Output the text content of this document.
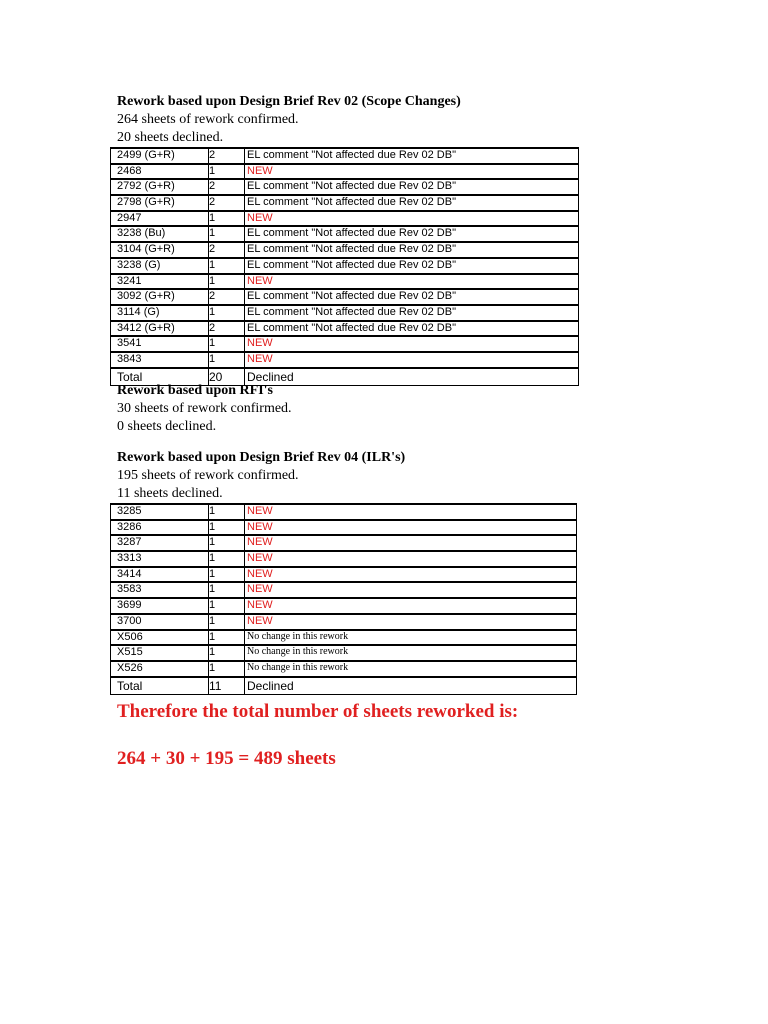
Rework based upon Design Brief Rev 02 (Scope Changes)
264 sheets of rework confirmed.
20 sheets declined.
2499 (G+R)	2	EL comment "Not affected due Rev 02 DB"
2468	1	NEW
2792 (G+R)	2	EL comment "Not affected due Rev 02 DB"
2798 (G+R)	2	EL comment "Not affected due Rev 02 DB"
2947	1	NEW
3238 (Bu)	1	EL comment "Not affected due Rev 02 DB"
3104 (G+R)	2	EL comment "Not affected due Rev 02 DB"
3238 (G)	1	EL comment "Not affected due Rev 02 DB"
3241	1	NEW
3092 (G+R)	2	EL comment "Not affected due Rev 02 DB"
3114 (G)	1	EL comment "Not affected due Rev 02 DB"
3412 (G+R)	2	EL comment "Not affected due Rev 02 DB"
3541	1	NEW
3843	1	NEW
Total	20	Declined
Rework based upon RFI's
30 sheets of rework confirmed.
0 sheets declined.
Rework based upon Design Brief Rev 04 (ILR's)
195 sheets of rework confirmed.
11 sheets declined.
3285	1	NEW
3286	1	NEW
3287	1	NEW
3313	1	NEW
3414	1	NEW
3583	1	NEW
3699	1	NEW
3700	1	NEW
X506	1	No change in this rework
X515	1	No change in this rework
X526	1	No change in this rework
Total	11	Declined
Therefore the total number of sheets reworked is:
264 + 30 + 195 = 489 sheets
